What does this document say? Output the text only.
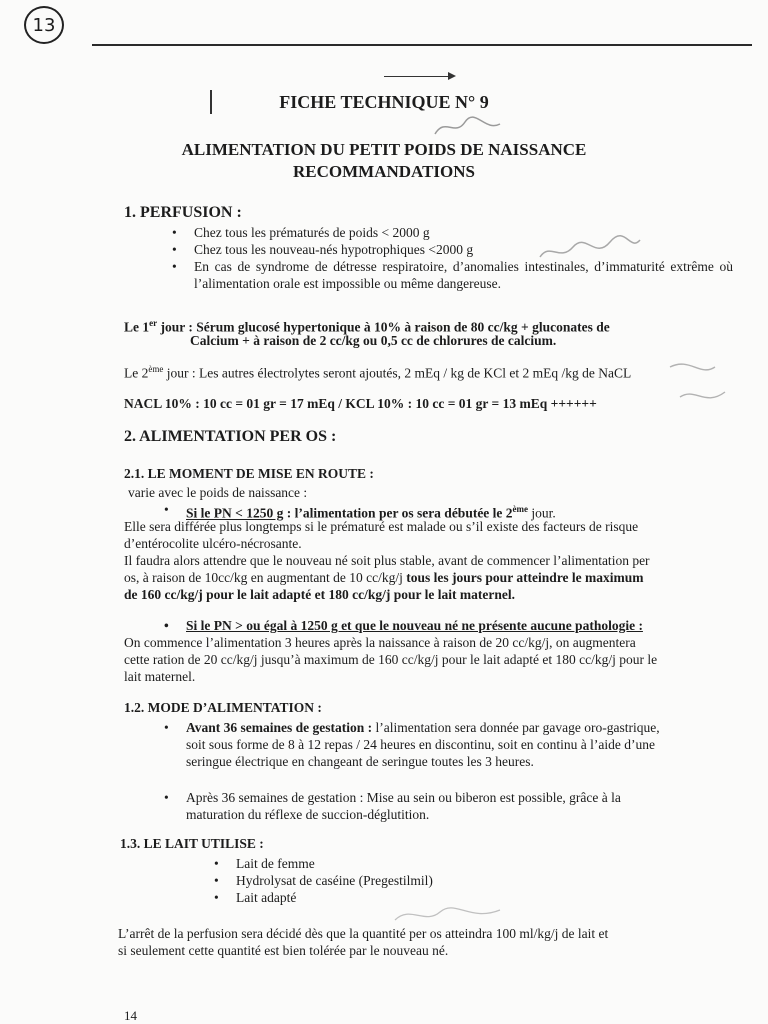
13
FICHE TECHNIQUE N° 9
ALIMENTATION DU PETIT POIDS DE NAISSANCE
RECOMMANDATIONS
1. PERFUSION :
• Chez tous les prématurés de poids < 2000 g
• Chez tous les nouveau-nés hypotrophiques <2000 g
• En cas de syndrome de détresse respiratoire, d’anomalies intestinales, d’immaturité extrême où l’alimentation orale est impossible ou même dangereuse.
Le 1er jour : Sérum glucosé hypertonique à 10% à raison de 80 cc/kg + gluconates de
Calcium + à raison de 2 cc/kg ou 0,5 cc de chlorures de calcium.
Le 2ème jour : Les autres électrolytes seront ajoutés, 2 mEq / kg de KCl et 2 mEq /kg de NaCL
NACL 10% : 10 cc = 01 gr = 17 mEq / KCL 10% : 10 cc = 01 gr = 13 mEq ++++++
2. ALIMENTATION PER OS :
2.1. LE MOMENT DE MISE EN ROUTE :
varie avec le poids de naissance :
• Si le PN < 1250 g : l’alimentation per os sera débutée le 2ème jour.
Elle sera différée plus longtemps si le prématuré est malade ou s’il existe des facteurs de risque
d’entérocolite ulcéro-nécrosante.
Il faudra alors attendre que le nouveau né soit plus stable, avant de commencer l’alimentation per
os, à raison de 10cc/kg en augmentant de 10 cc/kg/j tous les jours pour atteindre le maximum
de 160 cc/kg/j pour le lait adapté et 180 cc/kg/j pour le lait maternel.
• Si le PN > ou égal à 1250 g et que le nouveau né ne présente aucune pathologie :
On commence l’alimentation 3 heures après la naissance à raison de 20 cc/kg/j, on augmentera
cette ration de 20 cc/kg/j jusqu’à maximum de 160 cc/kg/j pour le lait adapté et 180 cc/kg/j pour le
lait maternel.
1.2. MODE D’ALIMENTATION :
• Avant 36 semaines de gestation : l’alimentation sera donnée par gavage oro-gastrique,
soit sous forme de 8 à 12 repas / 24 heures en discontinu, soit en continu à l’aide d’une
seringue électrique en changeant de seringue toutes les 3 heures.
• Après 36 semaines de gestation : Mise au sein ou biberon est possible, grâce à la
maturation du réflexe de succion-déglutition.
1.3. LE LAIT UTILISE :
• Lait de femme
• Hydrolysat de caséine (Pregestilmil)
• Lait adapté
L’arrêt de la perfusion sera décidé dès que la quantité per os atteindra 100 ml/kg/j de lait et
si seulement cette quantité est bien tolérée par le nouveau né.
14
